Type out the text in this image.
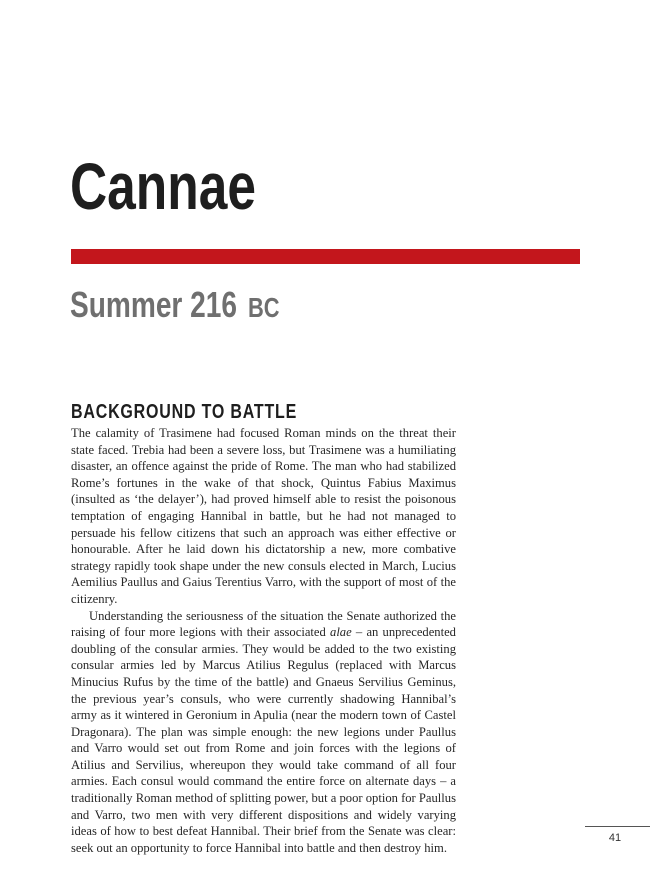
Cannae
Summer 216 BC
BACKGROUND TO BATTLE

The calamity of Trasimene had focused Roman minds on the threat their state faced. Trebia had been a severe loss, but Trasimene was a humiliating disaster, an offence against the pride of Rome. The man who had stabilized Rome’s fortunes in the wake of that shock, Quintus Fabius Maximus (insulted as ‘the delayer’), had proved himself able to resist the poisonous temptation of engaging Hannibal in battle, but he had not managed to persuade his fellow citizens that such an approach was either effective or honourable. After he laid down his dictatorship a new, more combative strategy rapidly took shape under the new consuls elected in March, Lucius Aemilius Paullus and Gaius Terentius Varro, with the support of most of the citizenry.

Understanding the seriousness of the situation the Senate authorized the raising of four more legions with their associated alae – an unprecedented doubling of the consular armies. They would be added to the two existing consular armies led by Marcus Atilius Regulus (replaced with Marcus Minucius Rufus by the time of the battle) and Gnaeus Servilius Geminus, the previous year’s consuls, who were currently shadowing Hannibal’s army as it wintered in Geronium in Apulia (near the modern town of Castel Dragonara). The plan was simple enough: the new legions under Paullus and Varro would set out from Rome and join forces with the legions of Atilius and Servilius, whereupon they would take command of all four armies. Each consul would command the entire force on alternate days – a traditionally Roman method of splitting power, but a poor option for Paullus and Varro, two men with very different dispositions and widely varying ideas of how to best defeat Hannibal. Their brief from the Senate was clear: seek out an opportunity to force Hannibal into battle and then destroy him.

41
